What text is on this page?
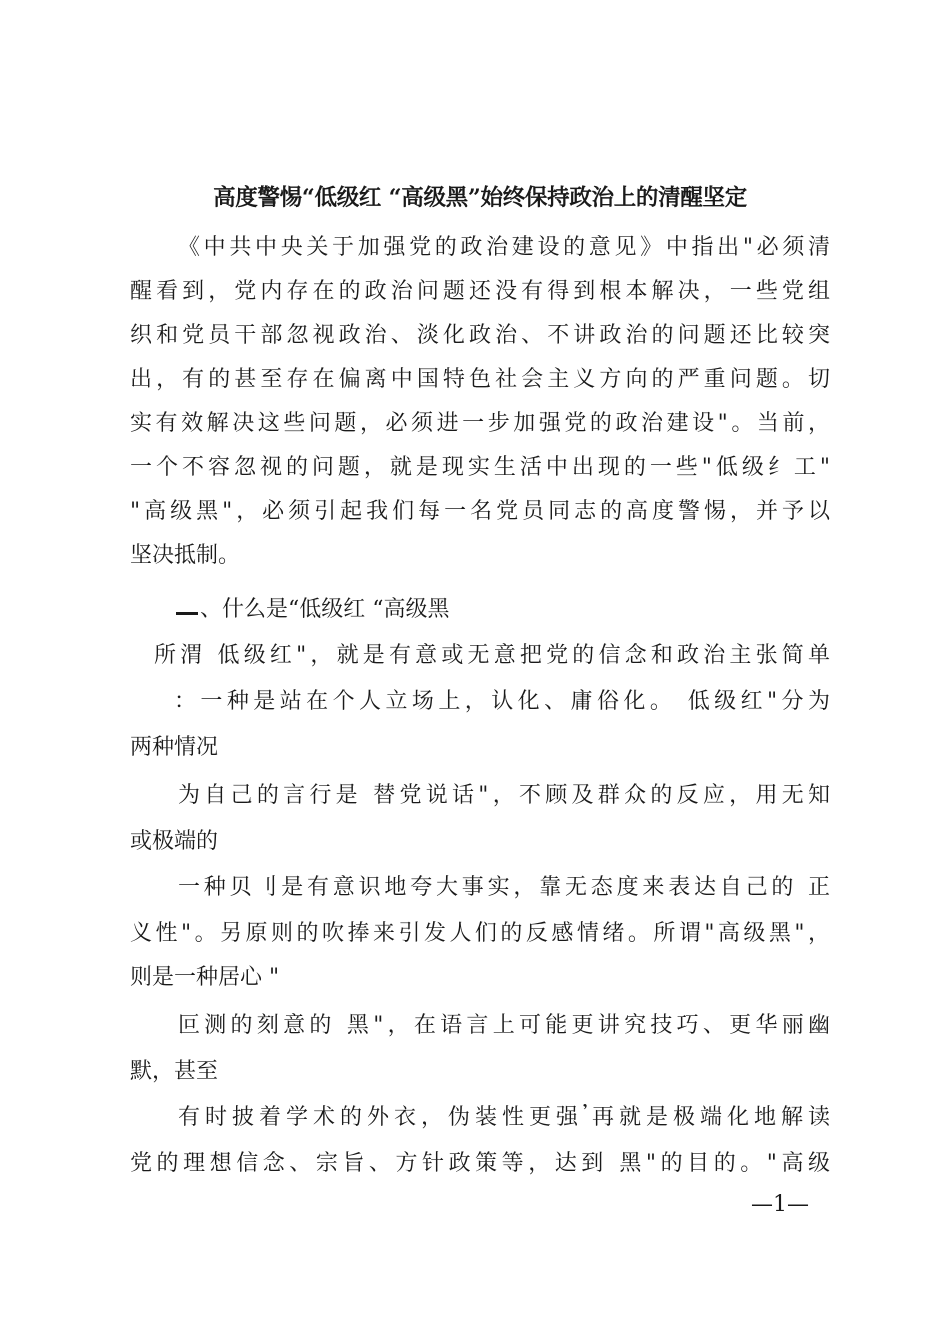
高度警惕“低级红 “高级黑”始终保持政治上的清醒坚定
《中共中央关于加强党的政治建设的意见》中指出"必须清
醒看到，党内存在的政治问题还没有得到根本解决，一些党组
织和党员干部忽视政治、淡化政治、不讲政治的问题还比较突
出，有的甚至存在偏离中国特色社会主义方向的严重问题。切
实有效解决这些问题，必须进一步加强党的政治建设"。当前，
一个不容忽视的问题，就是现实生活中出现的一些"低级纟工"
"高级黑"，必须引起我们每一名党员同志的高度警惕，并予以
坚决抵制。
、什么是“低级红 “高级黑
所渭 低级红"，就是有意或无意把党的信念和政治主张简单
：一种是站在个人立场上，认化、庸俗化。 低级红"分为
两种情况
为自己的言行是 替党说话"，不顾及群众的反应，用无知
或极端的
一种贝刂是有意识地夸大事实，靠无态度来表达自己的 正
义性"。另原则的吹捧来引发人们的反感情绪。所谓"高级黑"，
则是一种居心 "
叵测的刻意的 黑"，在语言上可能更讲究技巧、更华丽幽
默，甚至
有时披着学术的外衣，伪装性更强𝄒再就是极端化地解读
党的理想信念、宗旨、方针政策等，达到 黑"的目的。"高级
—1—
